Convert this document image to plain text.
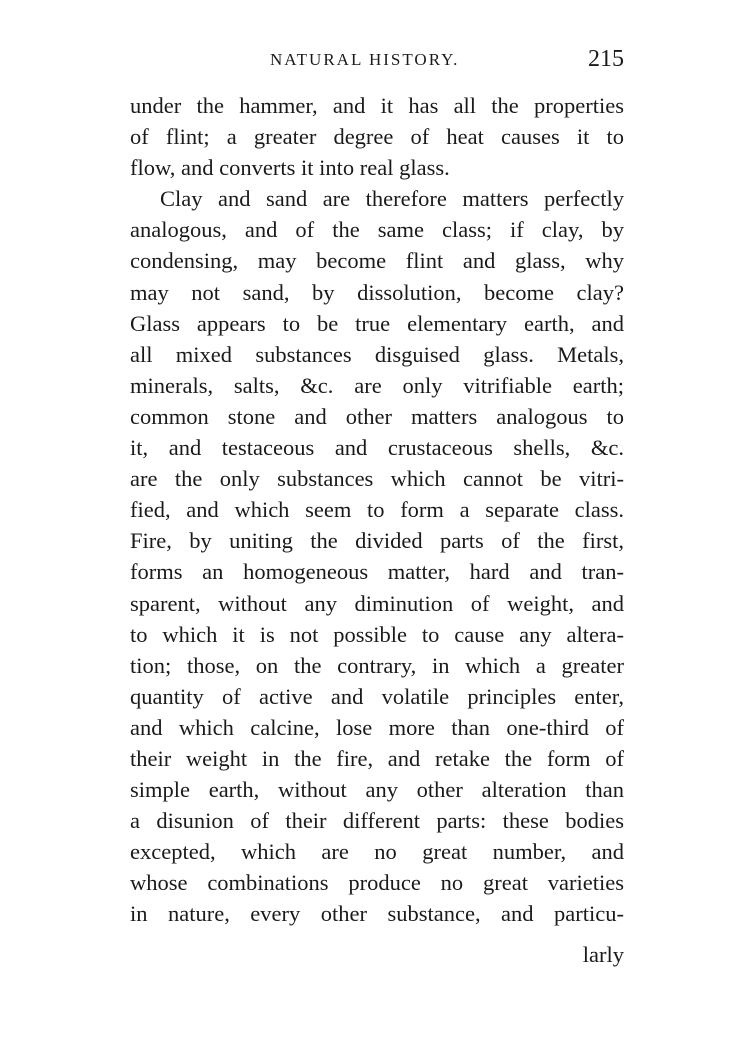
NATURAL HISTORY.	215
under the hammer, and it has all the properties
of flint; a greater degree of heat causes it to
flow, and converts it into real glass.
Clay and sand are therefore matters perfectly
analogous, and of the same class; if clay, by
condensing, may become flint and glass, why
may not sand, by dissolution, become clay?
Glass appears to be true elementary earth, and
all mixed substances disguised glass. Metals,
minerals, salts, &c. are only vitrifiable earth;
common stone and other matters analogous to
it, and testaceous and crustaceous shells, &c.
are the only substances which cannot be vitri-
fied, and which seem to form a separate class.
Fire, by uniting the divided parts of the first,
forms an homogeneous matter, hard and tran-
sparent, without any diminution of weight, and
to which it is not possible to cause any altera-
tion; those, on the contrary, in which a greater
quantity of active and volatile principles enter,
and which calcine, lose more than one-third of
their weight in the fire, and retake the form of
simple earth, without any other alteration than
a disunion of their different parts: these bodies
excepted, which are no great number, and
whose combinations produce no great varieties
in nature, every other substance, and particu-
larly
